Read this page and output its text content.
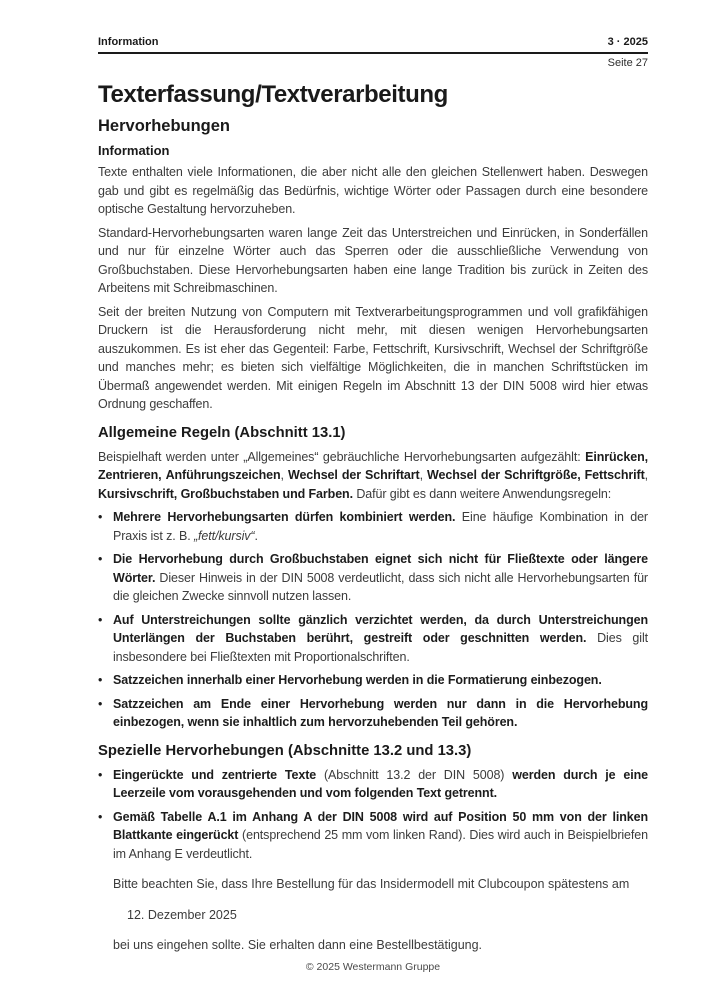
Information	3 · 2025
Seite 27
Texterfassung/Textverarbeitung
Hervorhebungen
Information

Texte enthalten viele Informationen, die aber nicht alle den gleichen Stellenwert haben. Deswegen gab und gibt es regelmäßig das Bedürfnis, wichtige Wörter oder Passagen durch eine besondere optische Gestaltung hervorzuheben.

Standard-Hervorhebungsarten waren lange Zeit das Unterstreichen und Einrücken, in Sonderfällen und nur für einzelne Wörter auch das Sperren oder die ausschließliche Verwendung von Großbuchstaben. Diese Hervorhebungsarten haben eine lange Tradition bis zurück in Zeiten des Arbeitens mit Schreibmaschinen.

Seit der breiten Nutzung von Computern mit Textverarbeitungsprogrammen und voll grafikfähigen Druckern ist die Herausforderung nicht mehr, mit diesen wenigen Hervorhebungsarten auszukommen. Es ist eher das Gegenteil: Farbe, Fettschrift, Kursivschrift, Wechsel der Schriftgröße und manches mehr; es bieten sich vielfältige Möglichkeiten, die in manchen Schriftstücken im Übermaß angewendet werden. Mit einigen Regeln im Abschnitt 13 der DIN 5008 wird hier etwas Ordnung geschaffen.

Allgemeine Regeln (Abschnitt 13.1)

Beispielhaft werden unter „Allgemeines“ gebräuchliche Hervorhebungsarten aufgezählt: Einrücken, Zentrieren, Anführungszeichen, Wechsel der Schriftart, Wechsel der Schriftgröße, Fettschrift, Kursivschrift, Großbuchstaben und Farben. Dafür gibt es dann weitere Anwendungsregeln:

•
Mehrere Hervorhebungsarten dürfen kombiniert werden. Eine häufige Kombination in der Praxis ist z. B. „fett/kursiv“.
•
Die Hervorhebung durch Großbuchstaben eignet sich nicht für Fließtexte oder längere Wörter. Dieser Hinweis in der DIN 5008 verdeutlicht, dass sich nicht alle Hervorhebungsarten für die gleichen Zwecke sinnvoll nutzen lassen.
•
Auf Unterstreichungen sollte gänzlich verzichtet werden, da durch Unterstreichungen Unterlängen der Buchstaben berührt, gestreift oder geschnitten werden. Dies gilt insbesondere bei Fließtexten mit Proportionalschriften.
•
Satzzeichen innerhalb einer Hervorhebung werden in die Formatierung einbezogen.
•
Satzzeichen am Ende einer Hervorhebung werden nur dann in die Hervorhebung einbezogen, wenn sie inhaltlich zum hervorzuhebenden Teil gehören.
Spezielle Hervorhebungen (Abschnitte 13.2 und 13.3)
•
Eingerückte und zentrierte Texte (Abschnitt 13.2 der DIN 5008) werden durch je eine Leerzeile vom vorausgehenden und vom folgenden Text getrennt.
•
Gemäß Tabelle A.1 im Anhang A der DIN 5008 wird auf Position 50 mm von der linken Blattkante eingerückt (entsprechend 25 mm vom linken Rand). Dies wird auch in Beispielbriefen im Anhang E verdeutlicht.
Bitte beachten Sie, dass Ihre Bestellung für das Insidermodell mit Clubcoupon spätestens am
12. Dezember 2025
bei uns eingehen sollte. Sie erhalten dann eine Bestellbestätigung.
© 2025 Westermann Gruppe
